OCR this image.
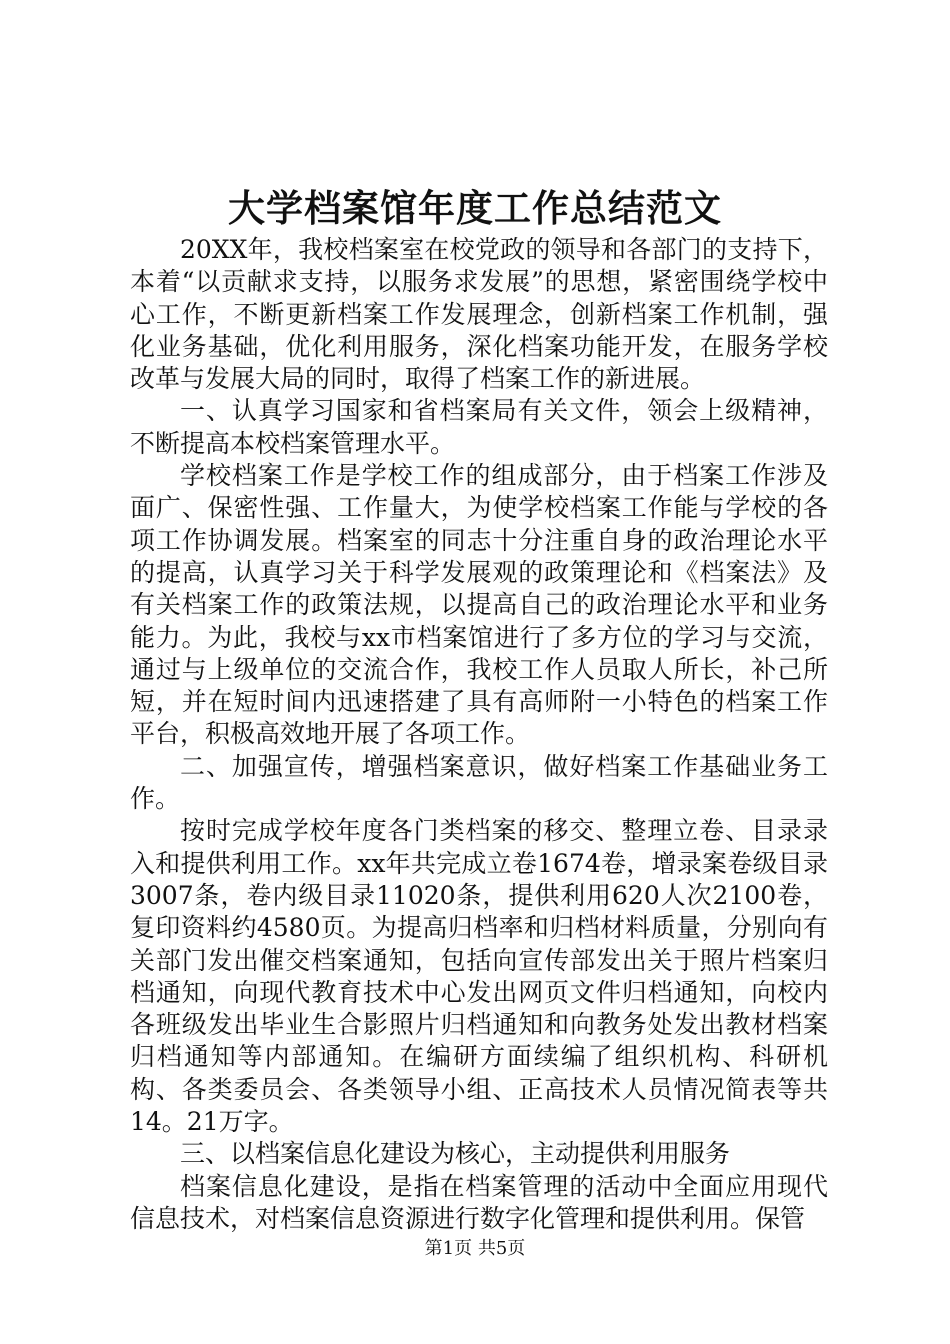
大学档案馆年度工作总结范文

20XX年，我校档案室在校党政的领导和各部门的支持下，本着“以贡献求支持，以服务求发展”的思想，紧密围绕学校中心工作，不断更新档案工作发展理念，创新档案工作机制，强化业务基础，优化利用服务，深化档案功能开发，在服务学校改革与发展大局的同时，取得了档案工作的新进展。

一、认真学习国家和省档案局有关文件，领会上级精神，不断提高本校档案管理水平。

学校档案工作是学校工作的组成部分，由于档案工作涉及面广、保密性强、工作量大，为使学校档案工作能与学校的各项工作协调发展。档案室的同志十分注重自身的政治理论水平的提高，认真学习关于科学发展观的政策理论和《档案法》及有关档案工作的政策法规，以提高自己的政治理论水平和业务能力。为此，我校与xx市档案馆进行了多方位的学习与交流，通过与上级单位的交流合作，我校工作人员取人所长，补己所短，并在短时间内迅速搭建了具有高师附一小特色的档案工作平台，积极高效地开展了各项工作。

二、加强宣传，增强档案意识，做好档案工作基础业务工作。

按时完成学校年度各门类档案的移交、整理立卷、目录录入和提供利用工作。xx年共完成立卷1674卷，增录案卷级目录3007条，卷内级目录11020条，提供利用620人次2100卷，复印资料约4580页。为提高归档率和归档材料质量，分别向有关部门发出催交档案通知，包括向宣传部发出关于照片档案归档通知，向现代教育技术中心发出网页文件归档通知，向校内各班级发出毕业生合影照片归档通知和向教务处发出教材档案归档通知等内部通知。在编研方面续编了组织机构、科研机构、各类委员会、各类领导小组、正高技术人员情况简表等共14。21万字。

三、以档案信息化建设为核心，主动提供利用服务

档案信息化建设，是指在档案管理的活动中全面应用现代信息技术，对档案信息资源进行数字化管理和提供利用。保管

第1页 共5页
